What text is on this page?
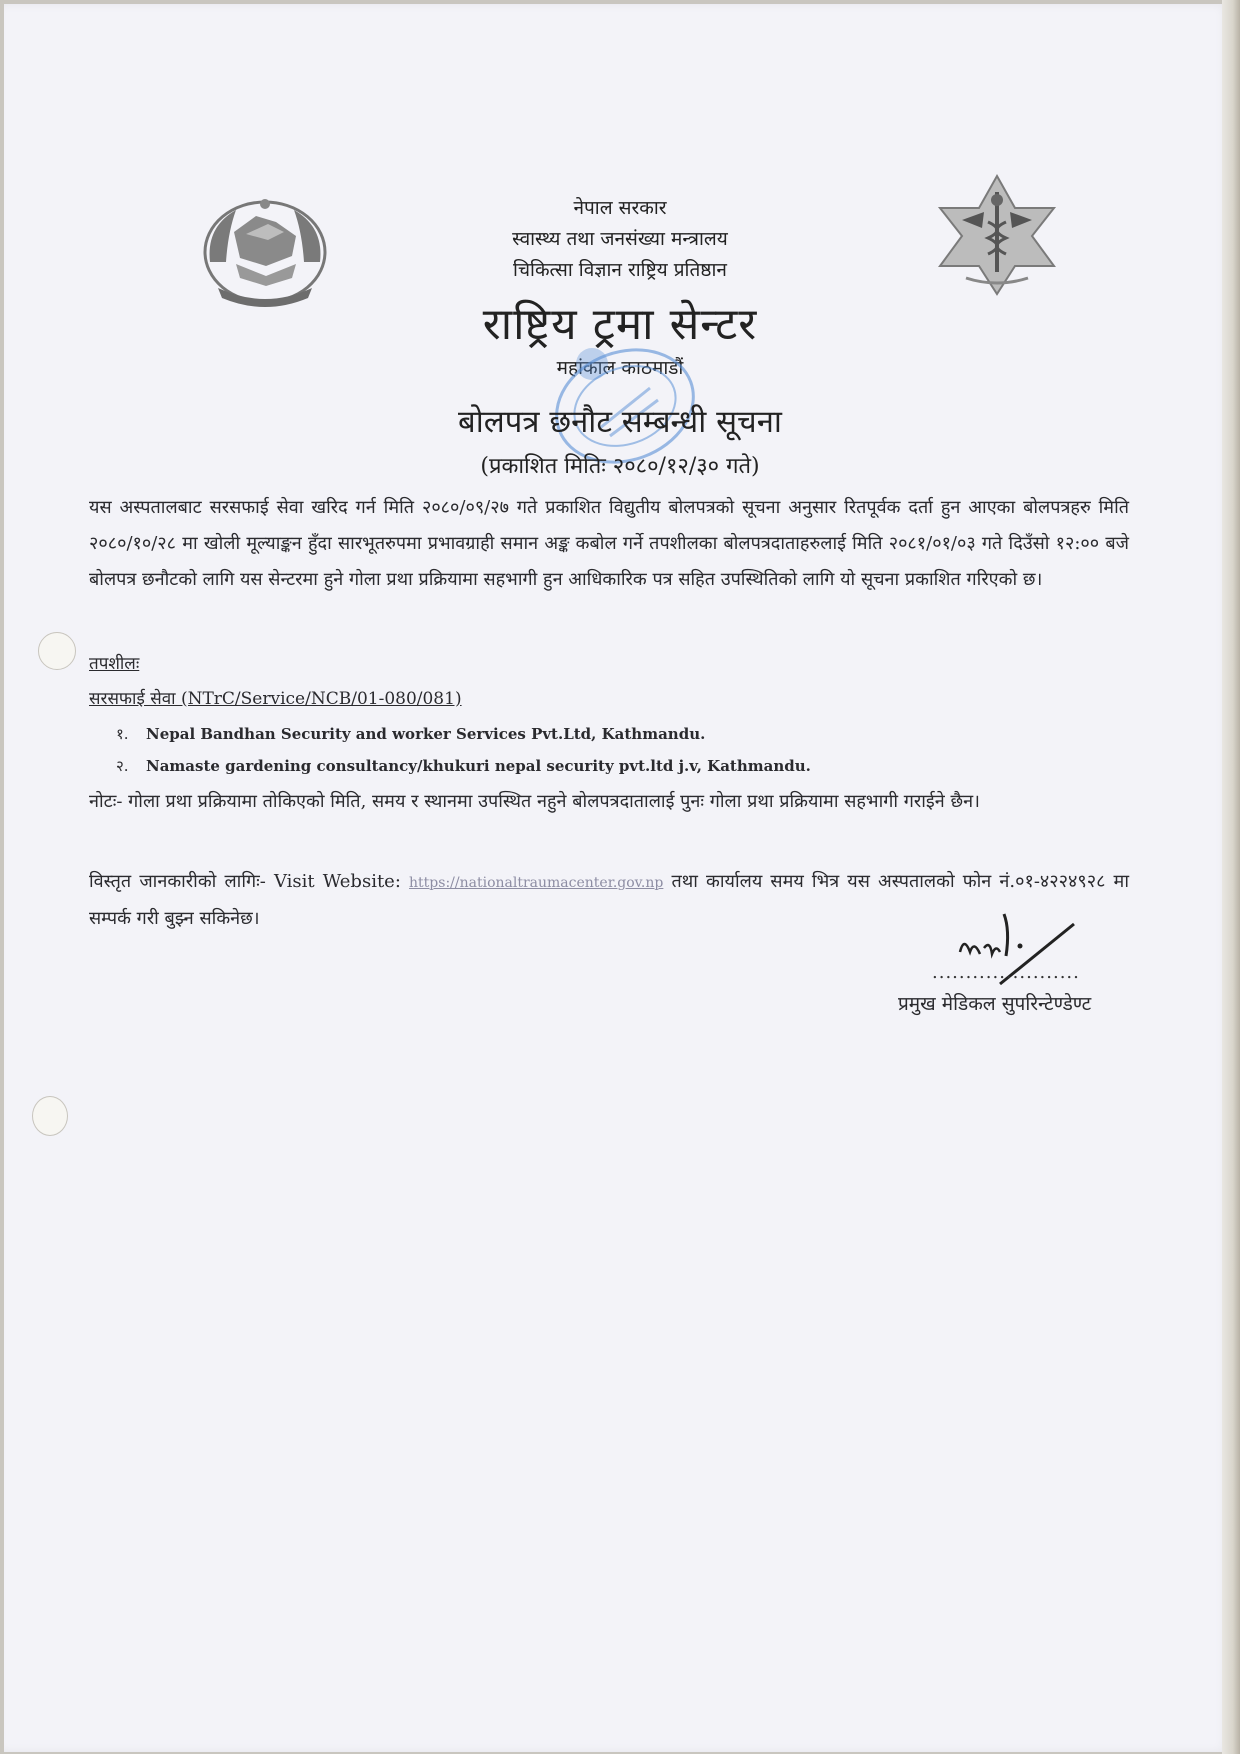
नेपाल सरकार
स्वास्थ्य तथा जनसंख्या मन्त्रालय
चिकित्सा विज्ञान राष्ट्रिय प्रतिष्ठान
राष्ट्रिय ट्रमा सेन्टर
महांकाल काठमाडौं
बोलपत्र छनौट सम्बन्धी सूचना
(प्रकाशित मितिः २०८०/१२/३० गते)
यस अस्पतालबाट सरसफाई सेवा खरिद गर्न मिति २०८०/०९/२७ गते प्रकाशित विद्युतीय बोलपत्रको सूचना अनुसार रितपूर्वक दर्ता हुन आएका बोलपत्रहरु मिति २०८०/१०/२८ मा खोली मूल्याङ्कन हुँदा सारभूतरुपमा प्रभावग्राही समान अङ्क कबोल गर्ने तपशीलका बोलपत्रदाताहरुलाई मिति २०८१/०१/०३ गते दिउँसो १२:०० बजे बोलपत्र छनौटको लागि यस सेन्टरमा हुने गोला प्रथा प्रक्रियामा सहभागी हुन आधिकारिक पत्र सहित उपस्थितिको लागि यो सूचना प्रकाशित गरिएको छ।
तपशीलः
सरसफाई सेवा (NTrC/Service/NCB/01-080/081)
१. Nepal Bandhan Security and worker Services Pvt.Ltd, Kathmandu.
२. Namaste gardening consultancy/khukuri nepal security pvt.ltd j.v, Kathmandu.
नोटः- गोला प्रथा प्रक्रियामा तोकिएको मिति, समय र स्थानमा उपस्थित नहुने बोलपत्रदातालाई पुनः गोला प्रथा प्रक्रियामा सहभागी गराईने छैन।
विस्तृत जानकारीको लागिः- Visit Website: https://nationaltraumacenter.gov.np तथा कार्यालय समय भित्र यस अस्पतालको फोन नं.०१-४२२४९२८ मा सम्पर्क गरी बुझ्न सकिनेछ।
......................
प्रमुख मेडिकल सुपरिन्टेण्डेण्ट
